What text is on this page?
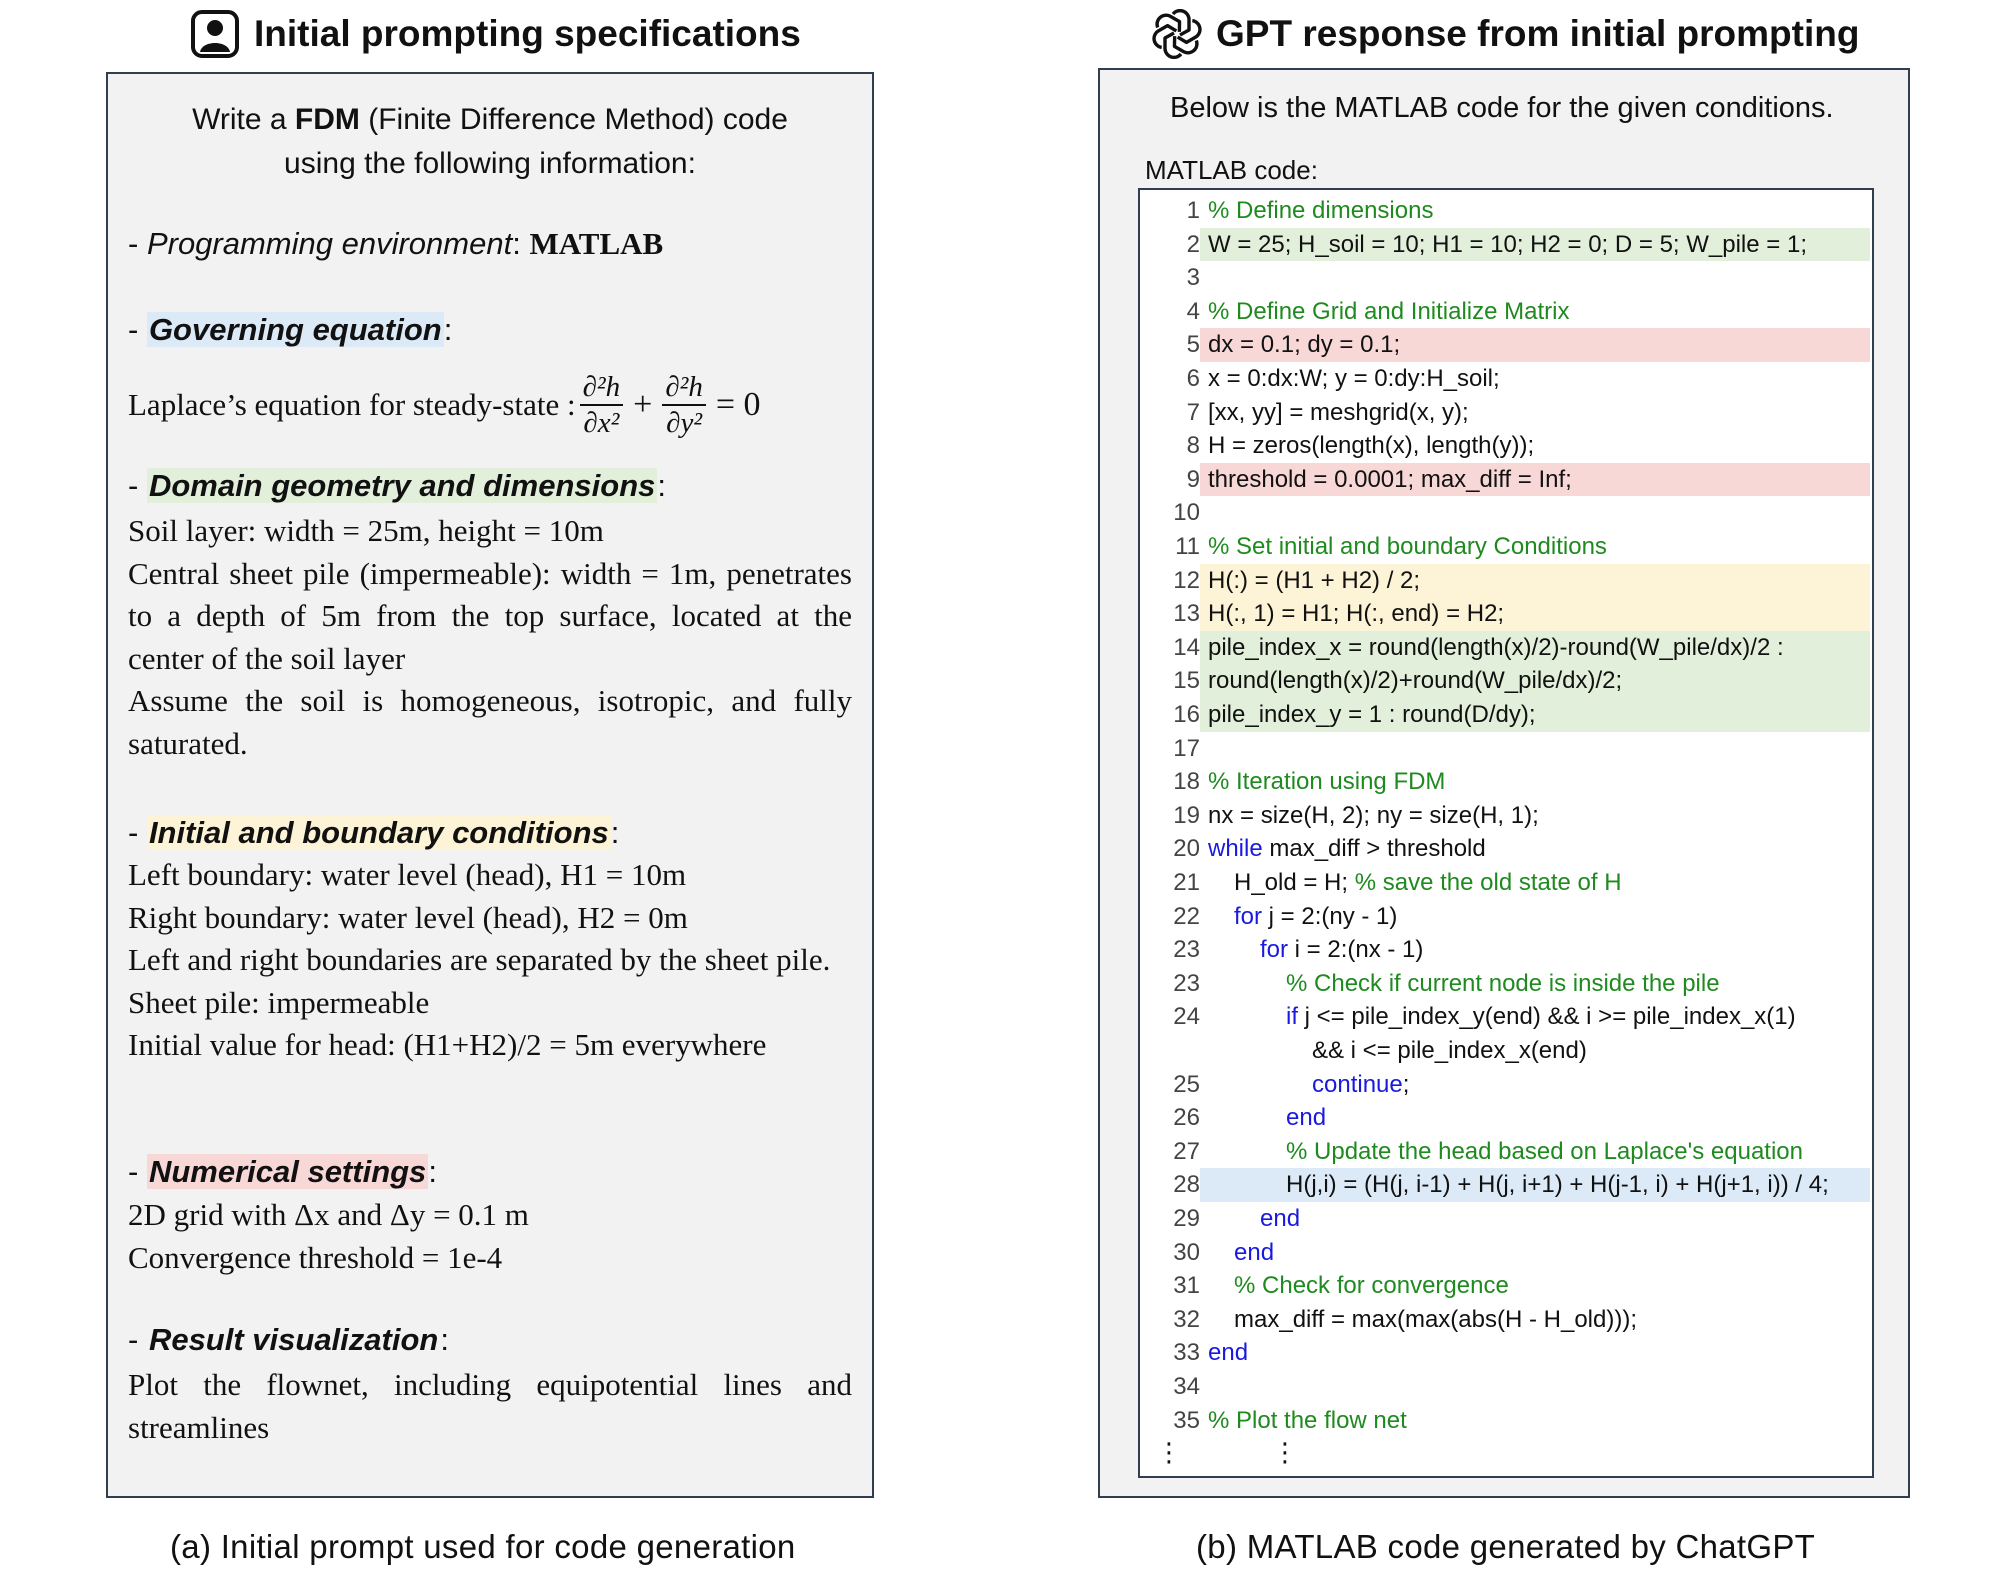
Initial prompting specifications	GPT response from initial prompting
Write a FDM (Finite Difference Method) code
using the following information:
- Programming environment: MATLAB
- Governing equation:
Laplace’s equation for steady-state : $\frac{\text{∂²h}}{\text{∂x²}} + \frac{\text{∂²h}}{\text{∂y²}} = 0$
- Domain geometry and dimensions:
Soil layer: width = 25m, height = 10m
Central sheet pile (impermeable): width = 1m, penetrates to a depth of 5m from the top surface, located at the center of the soil layer
Assume the soil is homogeneous, isotropic, and fully saturated.
- Initial and boundary conditions:
Left boundary: water level (head), H1 = 10m
Right boundary: water level (head), H2 = 0m
Left and right boundaries are separated by the sheet pile.
Sheet pile: impermeable
Initial value for head: (H1+H2)/2 = 5m everywhere
- Numerical settings:
2D grid with Δx and Δy = 0.1 m
Convergence threshold = 1e-4
- Result visualization:
Plot the flownet, including equipotential lines and streamlines
Below is the MATLAB code for the given conditions.
MATLAB code:
1 % Define dimensions
2 W = 25; H_soil = 10; H1 = 10; H2 = 0; D = 5; W_pile = 1;
3
4 % Define Grid and Initialize Matrix
5 dx = 0.1; dy = 0.1;
6 x = 0:dx:W; y = 0:dy:H_soil;
7 [xx, yy] = meshgrid(x, y);
8 H = zeros(length(x), length(y));
9 threshold = 0.0001; max_diff = Inf;
10
11 % Set initial and boundary Conditions
12 H(:) = (H1 + H2) / 2;
13 H(:, 1) = H1; H(:, end) = H2;
14 pile_index_x = round(length(x)/2)-round(W_pile/dx)/2 :
15 round(length(x)/2)+round(W_pile/dx)/2;
16 pile_index_y = 1 : round(D/dy);
17
18 % Iteration using FDM
19 nx = size(H, 2); ny = size(H, 1);
20 while max_diff > threshold
21	H_old = H; % save the old state of H
22	for j = 2:(ny - 1)
23	for i = 2:(nx - 1)
23	% Check if current node is inside the pile
24	if j <= pile_index_y(end) && i >= pile_index_x(1)
&& i <= pile_index_x(end)
25	continue;
26	end
27	% Update the head based on Laplace's equation
28	H(j,i) = (H(j, i-1) + H(j, i+1) + H(j-1, i) + H(j+1, i)) / 4;
29	end
30	end
31	% Check for convergence
32	max_diff = max(max(abs(H - H_old)));
33 end
34
35 % Plot the flow net
⋮	⋮
(a) Initial prompt used for code generation	(b) MATLAB code generated by ChatGPT
